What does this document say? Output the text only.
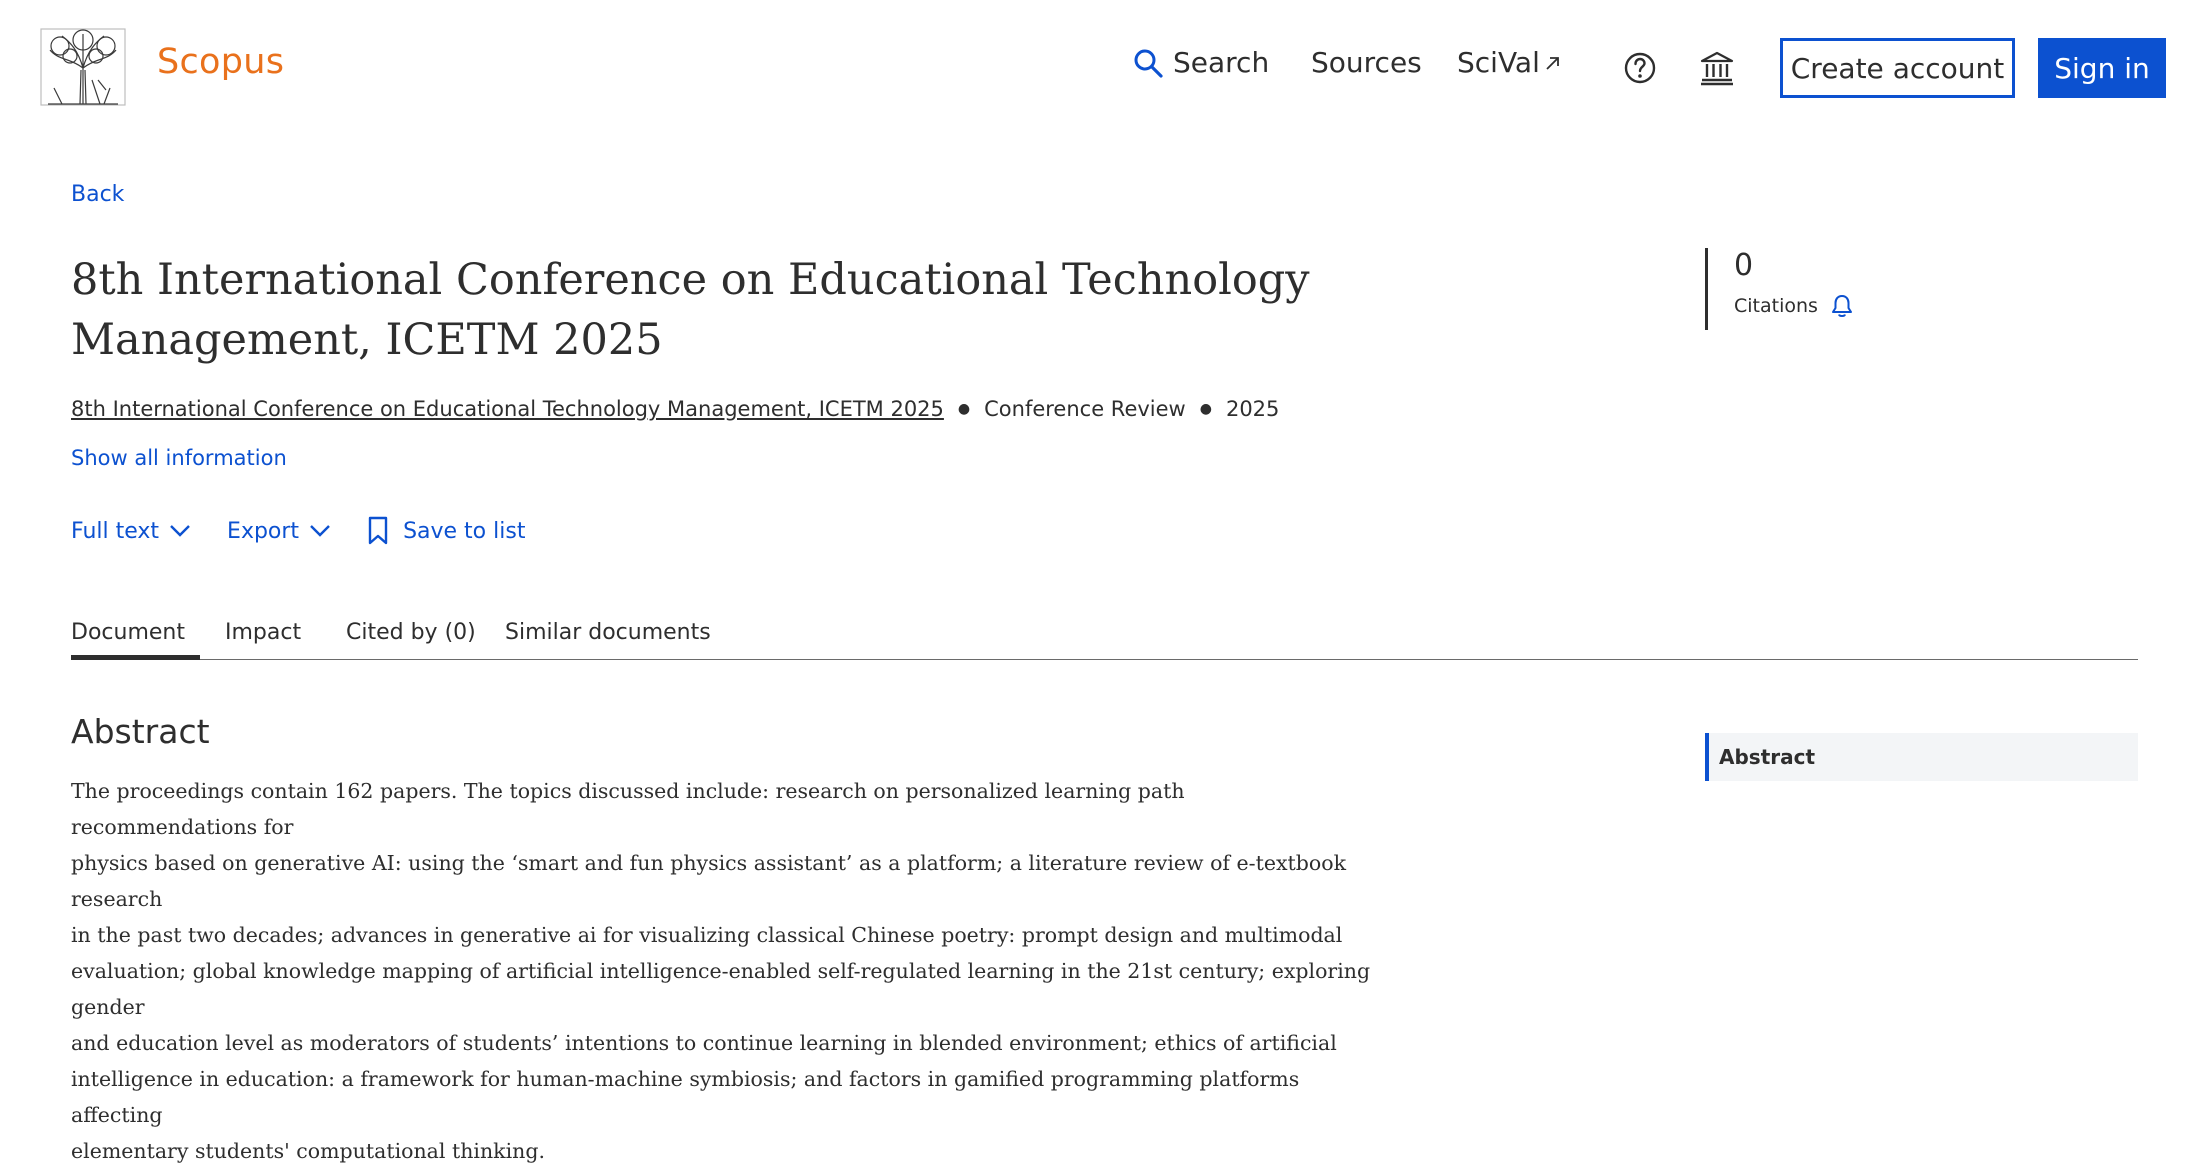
Scopus	Search Sources SciVal	Create account	Sign in
Back
8th International Conference on Educational Technology Management, ICETM 2025
8th International Conference on Educational Technology Management, ICETM 2025 ● Conference Review ● 2025
Show all information
Full text	Export	Save to list
0
Citations
Document	Impact Cited by (0) Similar documents
Abstract
The proceedings contain 162 papers. The topics discussed include: research on personalized learning path recommendations for
physics based on generative AI: using the ‘smart and fun physics assistant’ as a platform; a literature review of e-textbook research
in the past two decades; advances in generative ai for visualizing classical Chinese poetry: prompt design and multimodal
evaluation; global knowledge mapping of artificial intelligence-enabled self-regulated learning in the 21st century; exploring gender
and education level as moderators of students’ intentions to continue learning in blended environment; ethics of artificial
intelligence in education: a framework for human-machine symbiosis; and factors in gamified programming platforms affecting
elementary students' computational thinking.
Abstract
